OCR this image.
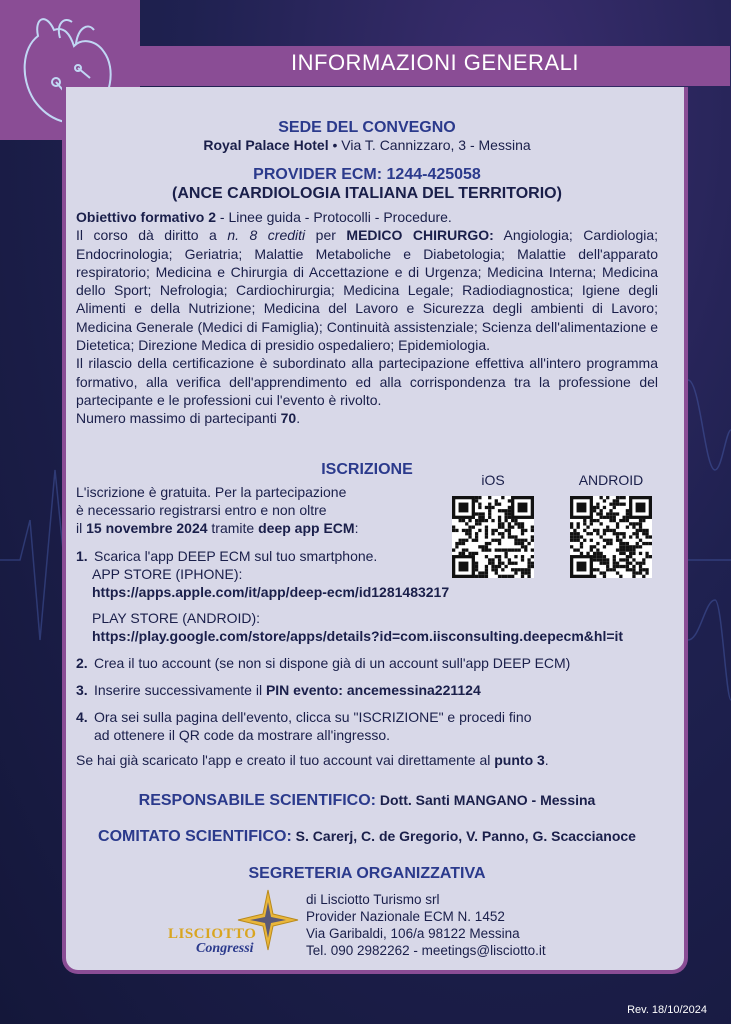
INFORMAZIONI GENERALI
SEDE DEL CONVEGNO
Royal Palace Hotel • Via T. Cannizzaro, 3 - Messina
PROVIDER ECM: 1244-425058
(ANCE CARDIOLOGIA ITALIANA DEL TERRITORIO)

Obiettivo formativo 2 - Linee guida - Protocolli - Procedure.

Il corso dà diritto a n. 8 crediti per MEDICO CHIRURGO: Angiologia; Cardiologia; Endocrinologia; Geriatria; Malattie Metaboliche e Diabetologia; Malattie dell'apparato respiratorio; Medicina e Chirurgia di Accettazione e di Urgenza; Medicina Interna; Medicina dello Sport; Nefrologia; Cardiochirurgia; Medicina Legale; Radiodiagnostica; Igiene degli Alimenti e della Nutrizione; Medicina del Lavoro e Sicurezza degli ambienti di Lavoro; Medicina Generale (Medici di Famiglia); Continuità assistenziale; Scienza dell'alimentazione e Dietetica; Direzione Medica di presidio ospedaliero; Epidemiologia.

Il rilascio della certificazione è subordinato alla partecipazione effettiva all'intero programma formativo, alla verifica dell'apprendimento ed alla corrispondenza tra la professione del partecipante e le professioni cui l'evento è rivolto.

Numero massimo di partecipanti 70.

ISCRIZIONE
L'iscrizione è gratuita. Per la partecipazione
è necessario registrarsi entro e non oltre
il 15 novembre 2024 tramite deep app ECM:
iOS	ANDROID
1. Scarica l'app DEEP ECM sul tuo smartphone.
APP STORE (IPHONE):
https://apps.apple.com/it/app/deep-ecm/id1281483217
PLAY STORE (ANDROID):
https://play.google.com/store/apps/details?id=com.iisconsulting.deepecm&hl=it
2. Crea il tuo account (se non si dispone già di un account sull'app DEEP ECM)
3. Inserire successivamente il PIN evento: ancemessina221124
4. Ora sei sulla pagina dell'evento, clicca su "ISCRIZIONE" e procedi fino
ad ottenere il QR code da mostrare all'ingresso.
Se hai già scaricato l'app e creato il tuo account vai direttamente al punto 3.
RESPONSABILE SCIENTIFICO: Dott. Santi MANGANO - Messina
COMITATO SCIENTIFICO: S. Carerj, C. de Gregorio, V. Panno, G. Scaccianoce
SEGRETERIA ORGANIZZATIVA
LISCIOTTO
Congressi
di Lisciotto Turismo srl
Provider Nazionale ECM N. 1452
Via Garibaldi, 106/a 98122 Messina
Tel. 090 2982262 - meetings@lisciotto.it
Rev. 18/10/2024
